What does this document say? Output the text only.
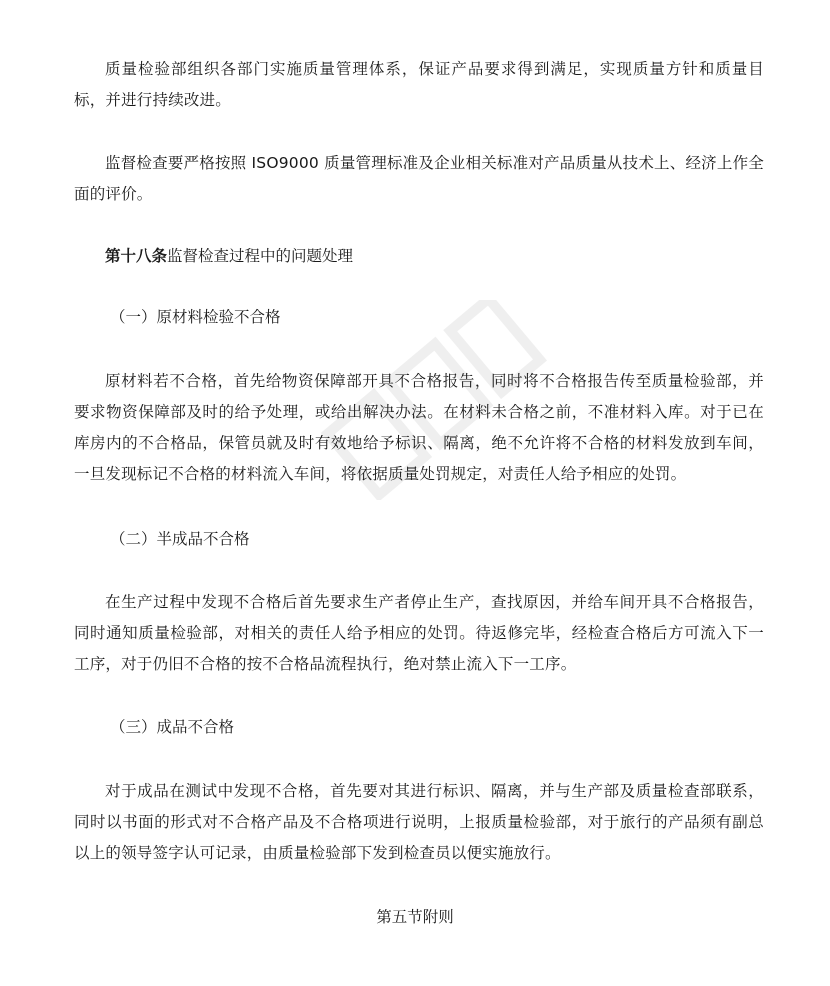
质量检验部组织各部门实施质量管理体系，保证产品要求得到满足，实现质量方针和质量目标，并进行持续改进。

监督检查要严格按照 ISO9000 质量管理标准及企业相关标准对产品质量从技术上、经济上作全面的评价。

第十八条监督检查过程中的问题处理

（一）原材料检验不合格

原材料若不合格，首先给物资保障部开具不合格报告，同时将不合格报告传至质量检验部，并要求物资保障部及时的给予处理，或给出解决办法。在材料未合格之前，不准材料入库。对于已在库房内的不合格品，保管员就及时有效地给予标识、隔离，绝不允许将不合格的材料发放到车间，一旦发现标记不合格的材料流入车间，将依据质量处罚规定，对责任人给予相应的处罚。

（二）半成品不合格

在生产过程中发现不合格后首先要求生产者停止生产，查找原因，并给车间开具不合格报告，同时通知质量检验部，对相关的责任人给予相应的处罚。待返修完毕，经检查合格后方可流入下一工序，对于仍旧不合格的按不合格品流程执行，绝对禁止流入下一工序。

（三）成品不合格

对于成品在测试中发现不合格，首先要对其进行标识、隔离，并与生产部及质量检查部联系，同时以书面的形式对不合格产品及不合格项进行说明，上报质量检验部，对于旅行的产品须有副总以上的领导签字认可记录，由质量检验部下发到检查员以便实施放行。

第五节附则
